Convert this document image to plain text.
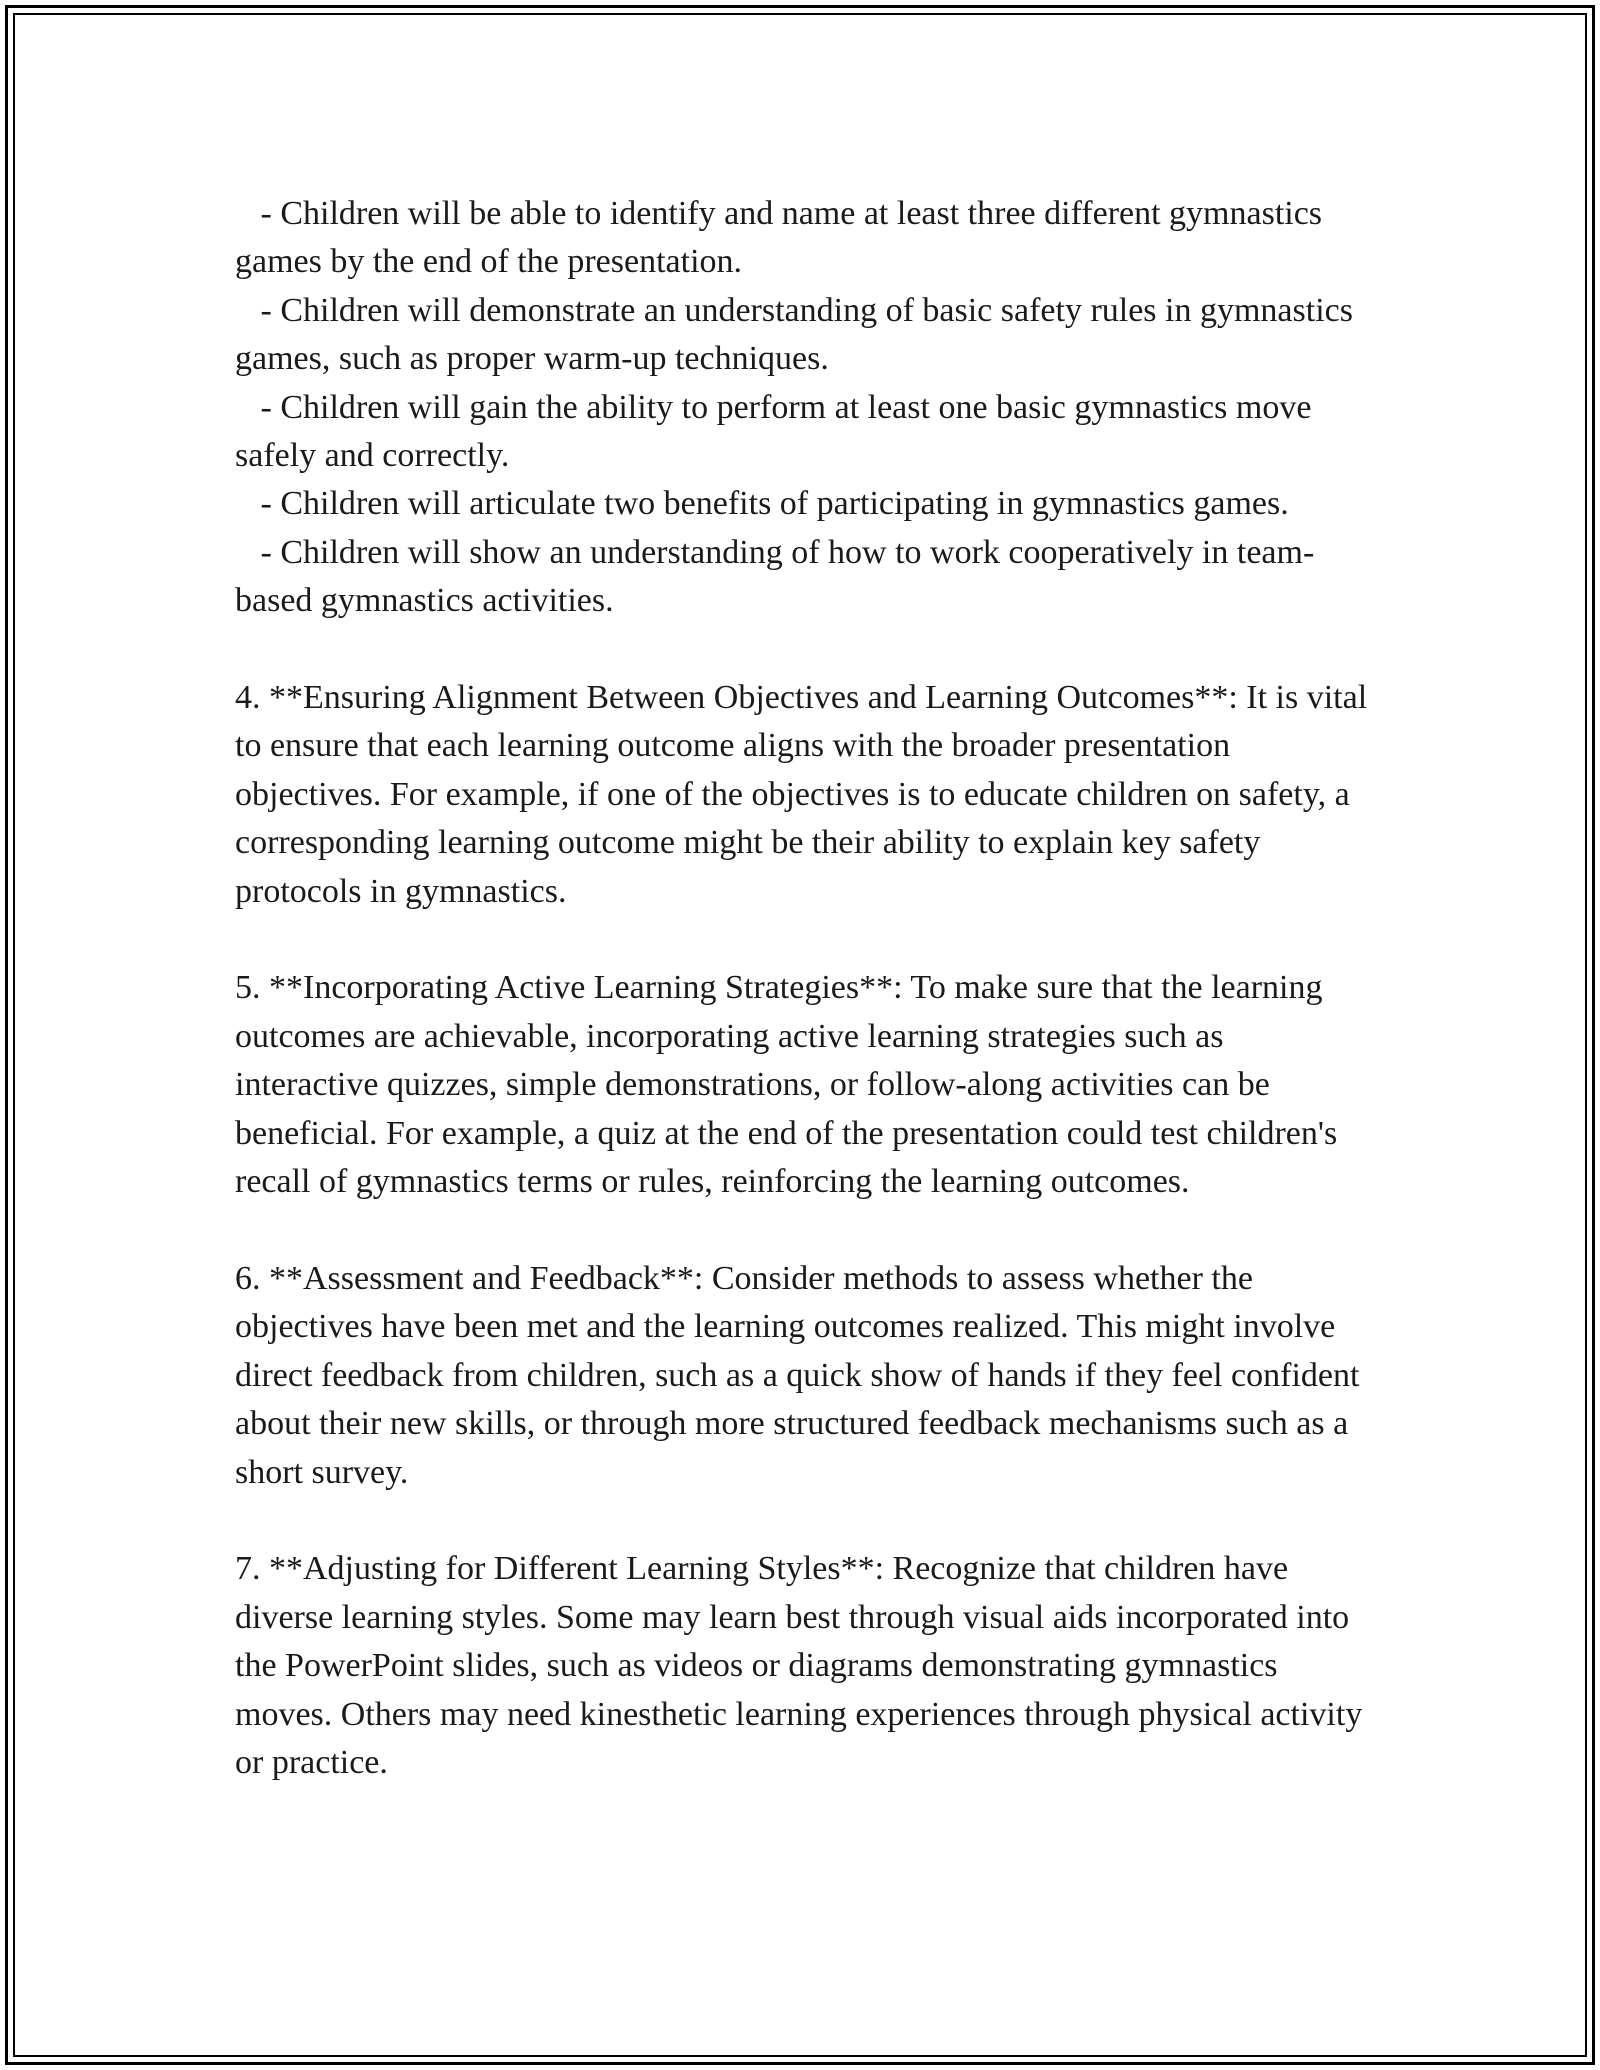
- Children will be able to identify and name at least three different gymnastics games by the end of the presentation.

- Children will demonstrate an understanding of basic safety rules in gymnastics games, such as proper warm-up techniques.

- Children will gain the ability to perform at least one basic gymnastics move safely and correctly.

- Children will articulate two benefits of participating in gymnastics games.

- Children will show an understanding of how to work cooperatively in team-based gymnastics activities.

4. **Ensuring Alignment Between Objectives and Learning Outcomes**: It is vital to ensure that each learning outcome aligns with the broader presentation objectives. For example, if one of the objectives is to educate children on safety, a corresponding learning outcome might be their ability to explain key safety protocols in gymnastics.

5. **Incorporating Active Learning Strategies**: To make sure that the learning outcomes are achievable, incorporating active learning strategies such as interactive quizzes, simple demonstrations, or follow-along activities can be beneficial. For example, a quiz at the end of the presentation could test children's recall of gymnastics terms or rules, reinforcing the learning outcomes.

6. **Assessment and Feedback**: Consider methods to assess whether the objectives have been met and the learning outcomes realized. This might involve direct feedback from children, such as a quick show of hands if they feel confident about their new skills, or through more structured feedback mechanisms such as a short survey.

7. **Adjusting for Different Learning Styles**: Recognize that children have diverse learning styles. Some may learn best through visual aids incorporated into the PowerPoint slides, such as videos or diagrams demonstrating gymnastics moves. Others may need kinesthetic learning experiences through physical activity or practice.
